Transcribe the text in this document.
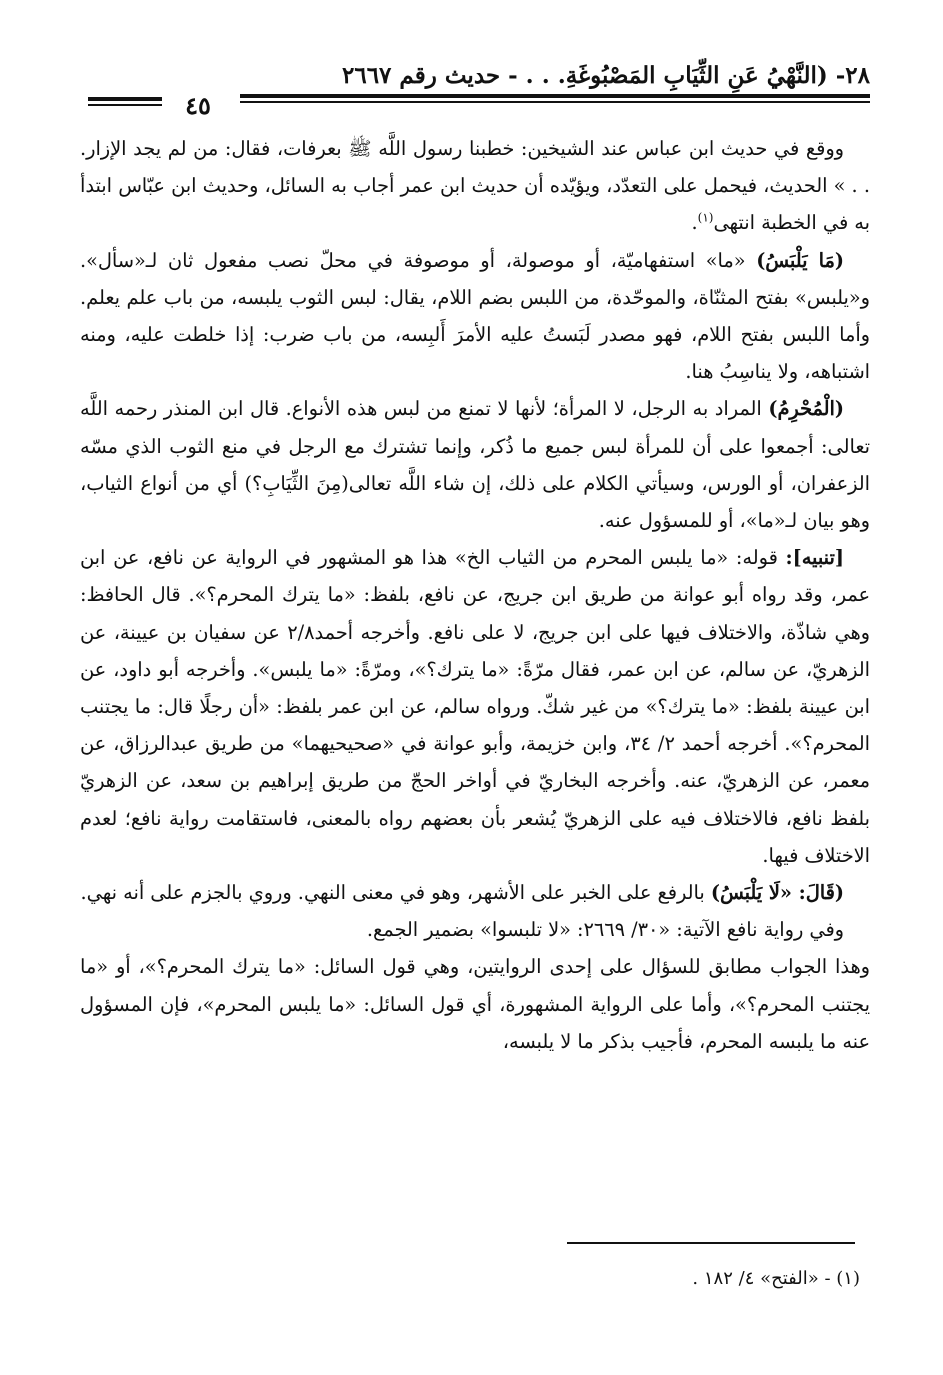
٢٨- (النَّهْيُ عَنِ الثِّيَابِ المَصْبُوغَةِ. . . - حديث رقم ٢٦٦٧
٤٥

ووقع في حديث ابن عباس عند الشيخين: خطبنا رسول اللَّه ﷺ بعرفات، فقال: من لم يجد الإزار. . . » الحديث، فيحمل على التعدّد، ويؤيّده أن حديث ابن عمر أجاب به السائل، وحديث ابن عبّاس ابتدأ به في الخطبة انتهى$^{(١)}$.

(مَا يَلْبَسُ) «ما» استفهاميّة، أو موصولة، أو موصوفة في محلّ نصب مفعول ثان لـ«سأل». و«يلبس» بفتح المثنّاة، والموحّدة، من اللبس بضم اللام، يقال: لبس الثوب يلبسه، من باب علم يعلم. وأما اللبس بفتح اللام، فهو مصدر لَبَستُ عليه الأمرَ أَلبِسه، من باب ضرب: إذا خلطت عليه، ومنه اشتباهه، ولا يناسِبُ هنا.

(الْمُحْرِمُ) المراد به الرجل، لا المرأة؛ لأنها لا تمنع من لبس هذه الأنواع. قال ابن المنذر رحمه اللَّه تعالى: أجمعوا على أن للمرأة لبس جميع ما ذُكر، وإنما تشترك مع الرجل في منع الثوب الذي مسّه الزعفران، أو الورس، وسيأتي الكلام على ذلك، إن شاء اللَّه تعالى(مِنَ الثِّيَابِ؟) أي من أنواع الثياب، وهو بيان لـ«ما»، أو للمسؤول عنه.

[تنبيه]: قوله: «ما يلبس المحرم من الثياب الخ» هذا هو المشهور في الرواية عن نافع، عن ابن عمر، وقد رواه أبو عوانة من طريق ابن جريج، عن نافع، بلفظ: «ما يترك المحرم؟». قال الحافظ: وهي شاذّة، والاختلاف فيها على ابن جريج، لا على نافع. وأخرجه أحمد٢/٨ عن سفيان بن عيينة، عن الزهريّ، عن سالم، عن ابن عمر، فقال مرّةً: «ما يترك؟»، ومرّةً: «ما يلبس». وأخرجه أبو داود، عن ابن عيينة بلفظ: «ما يترك؟» من غير شكّ. ورواه سالم، عن ابن عمر بلفظ: «أن رجلًا قال: ما يجتنب المحرم؟». أخرجه أحمد ٢/ ٣٤، وابن خزيمة، وأبو عوانة في «صحيحيهما» من طريق عبدالرزاق، عن معمر، عن الزهريّ، عنه. وأخرجه البخاريّ في أواخر الحجّ من طريق إبراهيم بن سعد، عن الزهريّ بلفظ نافع، فالاختلاف فيه على الزهريّ يُشعر بأن بعضهم رواه بالمعنى، فاستقامت رواية نافع؛ لعدم الاختلاف فيها.

(قَالَ: «لَا يَلْبَسُ) بالرفع على الخبر على الأشهر، وهو في معنى النهي. وروي بالجزم على أنه نهي.

وفي رواية نافع الآتية: «٣٠/ ٢٦٦٩: «لا تلبسوا» بضمير الجمع.

وهذا الجواب مطابق للسؤال على إحدى الروايتين، وهي قول السائل: «ما يترك المحرم؟»، أو «ما يجتنب المحرم؟»، وأما على الرواية المشهورة، أي قول السائل: «ما يلبس المحرم»، فإن المسؤول عنه ما يلبسه المحرم، فأجيب بذكر ما لا يلبسه،

(١) - «الفتح» ٤/ ١٨٢ .
